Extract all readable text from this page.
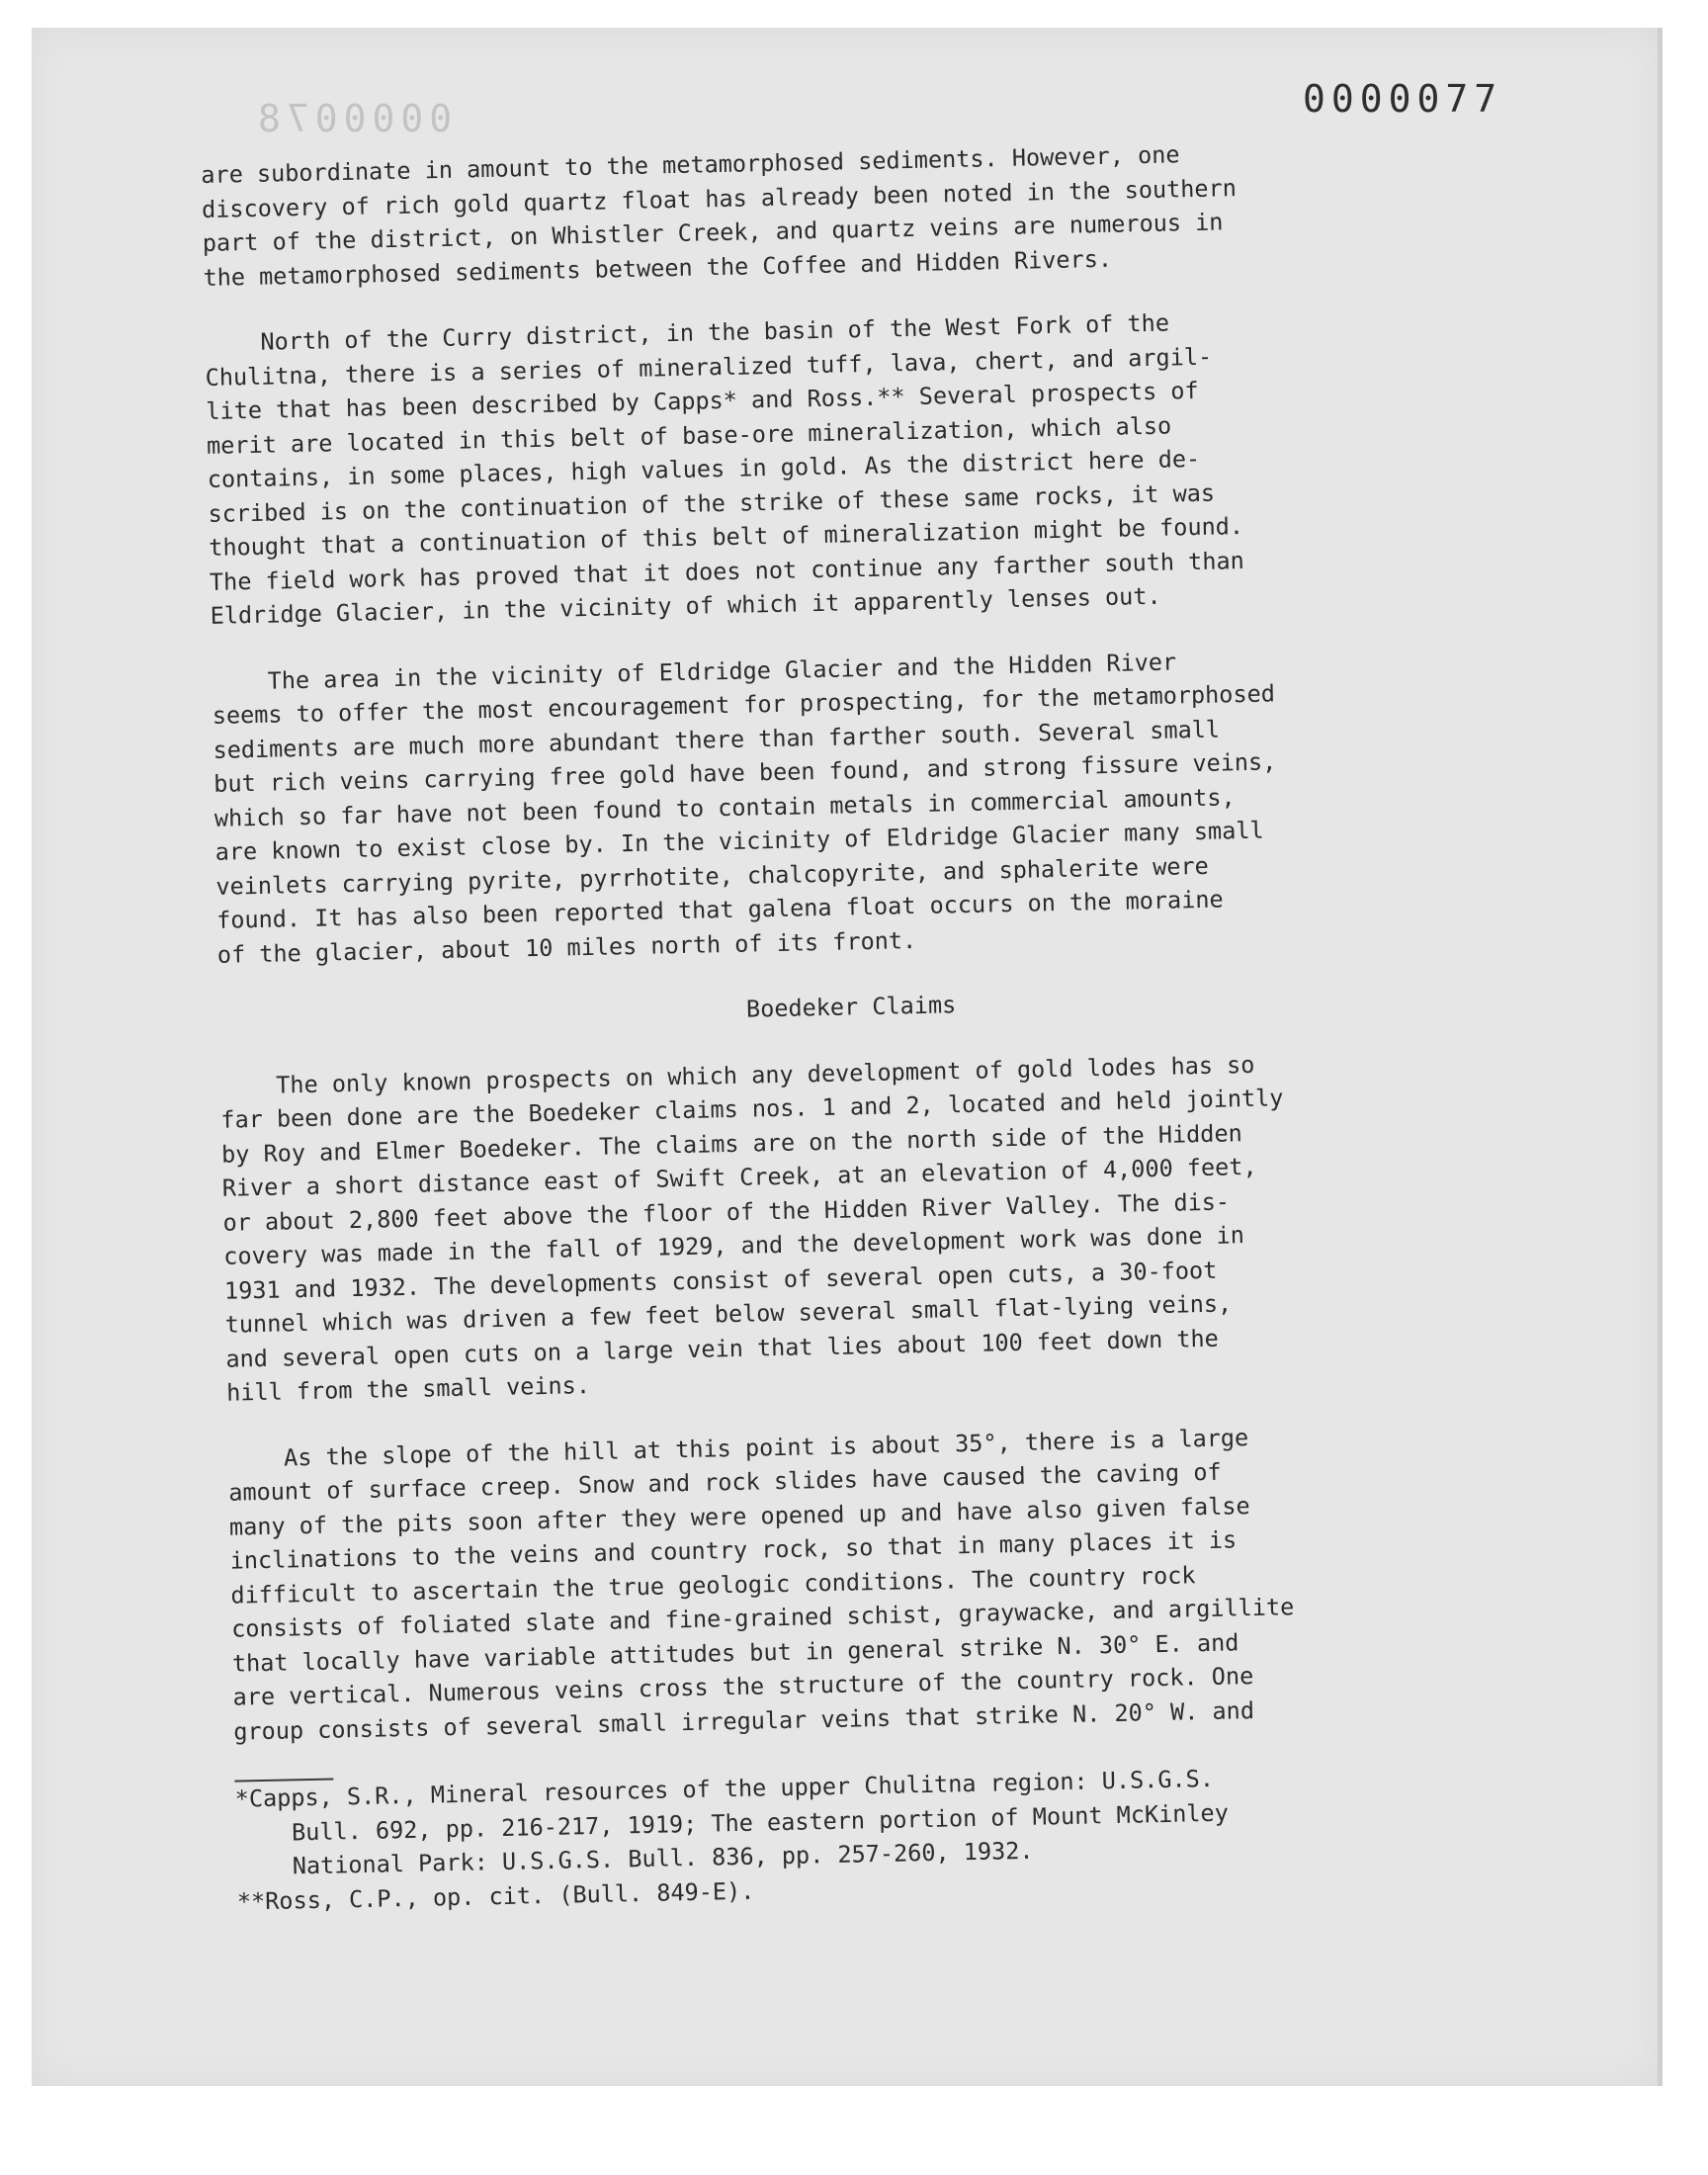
0000078	0000077

are subordinate in amount to the metamorphosed sediments. However, one
discovery of rich gold quartz float has already been noted in the southern
part of the district, on Whistler Creek, and quartz veins are numerous in
the metamorphosed sediments between the Coffee and Hidden Rivers.

North of the Curry district, in the basin of the West Fork of the
Chulitna, there is a series of mineralized tuff, lava, chert, and argil-
lite that has been described by Capps* and Ross.** Several prospects of
merit are located in this belt of base-ore mineralization, which also
contains, in some places, high values in gold. As the district here de-
scribed is on the continuation of the strike of these same rocks, it was
thought that a continuation of this belt of mineralization might be found.
The field work has proved that it does not continue any farther south than
Eldridge Glacier, in the vicinity of which it apparently lenses out.

The area in the vicinity of Eldridge Glacier and the Hidden River
seems to offer the most encouragement for prospecting, for the metamorphosed
sediments are much more abundant there than farther south. Several small
but rich veins carrying free gold have been found, and strong fissure veins,
which so far have not been found to contain metals in commercial amounts,
are known to exist close by. In the vicinity of Eldridge Glacier many small
veinlets carrying pyrite, pyrrhotite, chalcopyrite, and sphalerite were
found. It has also been reported that galena float occurs on the moraine
of the glacier, about 10 miles north of its front.

Boedeker Claims

The only known prospects on which any development of gold lodes has so
far been done are the Boedeker claims nos. 1 and 2, located and held jointly
by Roy and Elmer Boedeker. The claims are on the north side of the Hidden
River a short distance east of Swift Creek, at an elevation of 4,000 feet,
or about 2,800 feet above the floor of the Hidden River Valley. The dis-
covery was made in the fall of 1929, and the development work was done in
1931 and 1932. The developments consist of several open cuts, a 30-foot
tunnel which was driven a few feet below several small flat-lying veins,
and several open cuts on a large vein that lies about 100 feet down the
hill from the small veins.

As the slope of the hill at this point is about 35°, there is a large
amount of surface creep. Snow and rock slides have caused the caving of
many of the pits soon after they were opened up and have also given false
inclinations to the veins and country rock, so that in many places it is
difficult to ascertain the true geologic conditions. The country rock
consists of foliated slate and fine-grained schist, graywacke, and argillite
that locally have variable attitudes but in general strike N. 30° E. and
are vertical. Numerous veins cross the structure of the country rock. One
group consists of several small irregular veins that strike N. 20° W. and

*Capps, S.R., Mineral resources of the upper Chulitna region: U.S.G.S.
Bull. 692, pp. 216-217, 1919; The eastern portion of Mount McKinley
National Park: U.S.G.S. Bull. 836, pp. 257-260, 1932.

**Ross, C.P., op. cit. (Bull. 849-E).
